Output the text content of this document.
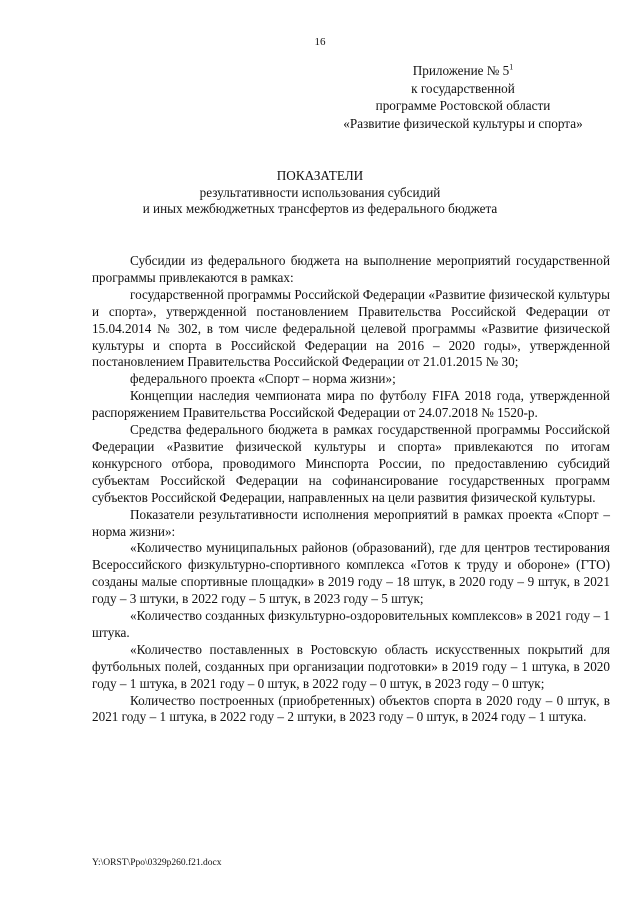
16
Приложение № $5^1$
к государственной
программе Ростовской области
«Развитие физической культуры и спорта»
ПОКАЗАТЕЛИ
результативности использования субсидий
и иных межбюджетных трансфертов из федерального бюджета

Субсидии из федерального бюджета на выполнение мероприятий государственной программы привлекаются в рамках:

государственной программы Российской Федерации «Развитие физической культуры и спорта», утвержденной постановлением Правительства Российской Федерации от 15.04.2014 № 302, в том числе федеральной целевой программы «Развитие физической культуры и спорта в Российской Федерации на 2016 – 2020 годы», утвержденной постановлением Правительства Российской Федерации от 21.01.2015 № 30;

федерального проекта «Спорт – норма жизни»;

Концепции наследия чемпионата мира по футболу FIFA 2018 года, утвержденной распоряжением Правительства Российской Федерации от 24.07.2018 № 1520-р.

Средства федерального бюджета в рамках государственной программы Российской Федерации «Развитие физической культуры и спорта» привлекаются по итогам конкурсного отбора, проводимого Минспорта России, по предоставлению субсидий субъектам Российской Федерации на софинансирование государственных программ субъектов Российской Федерации, направленных на цели развития физической культуры.

Показатели результативности исполнения мероприятий в рамках проекта «Спорт – норма жизни»:

«Количество муниципальных районов (образований), где для центров тестирования Всероссийского физкультурно-спортивного комплекса «Готов к труду и обороне» (ГТО) созданы малые спортивные площадки» в 2019 году – 18 штук, в 2020 году – 9 штук, в 2021 году – 3 штуки, в 2022 году – 5 штук, в 2023 году – 5 штук;

«Количество созданных физкультурно-оздоровительных комплексов» в 2021 году – 1 штука.

«Количество поставленных в Ростовскую область искусственных покрытий для футбольных полей, созданных при организации подготовки» в 2019 году – 1 штука, в 2020 году – 1 штука, в 2021 году – 0 штук, в 2022 году – 0 штук, в 2023 году – 0 штук;

Количество построенных (приобретенных) объектов спорта в 2020 году – 0 штук, в 2021 году – 1 штука, в 2022 году – 2 штуки, в 2023 году – 0 штук, в 2024 году – 1 штука.

Y:\ORST\Ppo\0329p260.f21.docx
